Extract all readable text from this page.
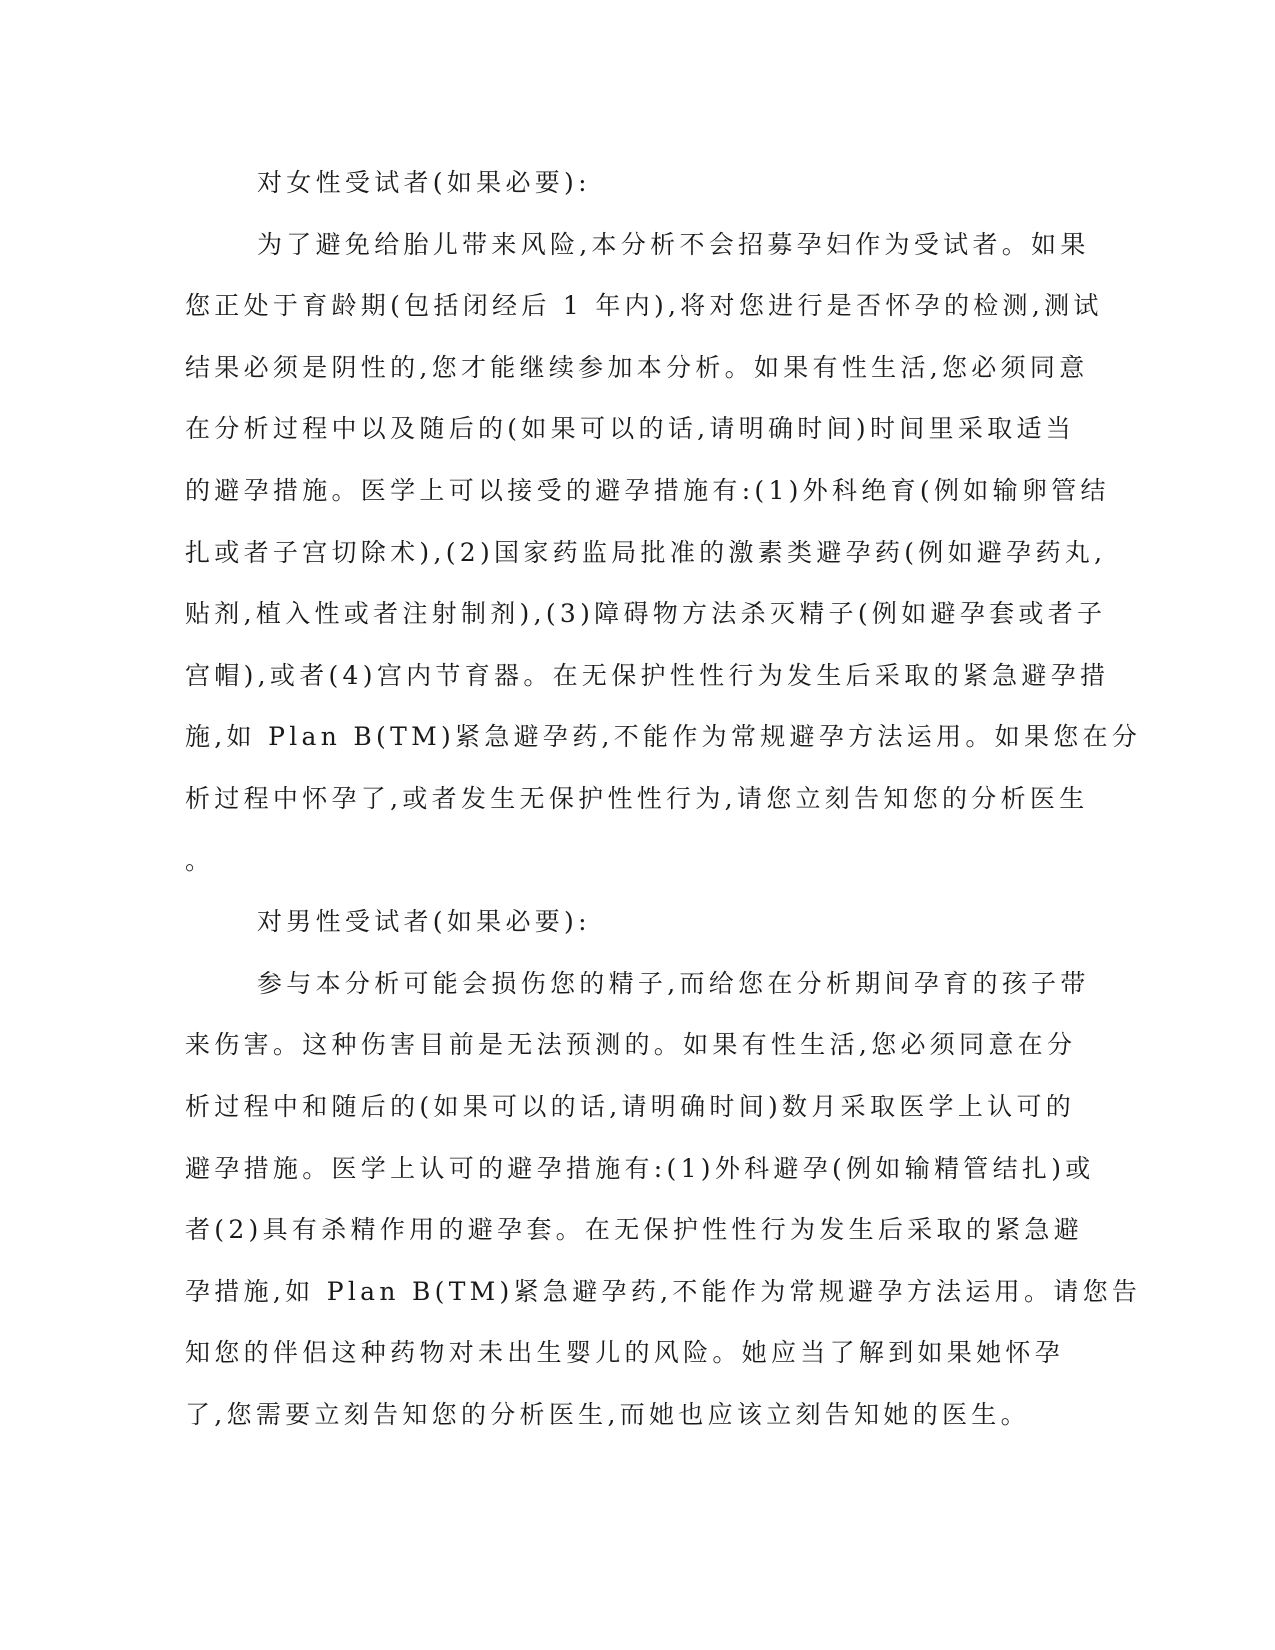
对女性受试者(如果必要):
为了避免给胎儿带来风险,本分析不会招募孕妇作为受试者。如果
您正处于育龄期(包括闭经后 1 年内),将对您进行是否怀孕的检测,测试
结果必须是阴性的,您才能继续参加本分析。如果有性生活,您必须同意
在分析过程中以及随后的(如果可以的话,请明确时间)时间里采取适当
的避孕措施。医学上可以接受的避孕措施有:(1)外科绝育(例如输卵管结
扎或者子宫切除术),(2)国家药监局批准的激素类避孕药(例如避孕药丸,
贴剂,植入性或者注射制剂),(3)障碍物方法杀灭精子(例如避孕套或者子
宫帽),或者(4)宫内节育器。在无保护性性行为发生后采取的紧急避孕措
施,如 Plan B(TM)紧急避孕药,不能作为常规避孕方法运用。如果您在分
析过程中怀孕了,或者发生无保护性性行为,请您立刻告知您的分析医生
。
对男性受试者(如果必要):
参与本分析可能会损伤您的精子,而给您在分析期间孕育的孩子带
来伤害。这种伤害目前是无法预测的。如果有性生活,您必须同意在分
析过程中和随后的(如果可以的话,请明确时间)数月采取医学上认可的
避孕措施。医学上认可的避孕措施有:(1)外科避孕(例如输精管结扎)或
者(2)具有杀精作用的避孕套。在无保护性性行为发生后采取的紧急避
孕措施,如 Plan B(TM)紧急避孕药,不能作为常规避孕方法运用。请您告
知您的伴侣这种药物对未出生婴儿的风险。她应当了解到如果她怀孕
了,您需要立刻告知您的分析医生,而她也应该立刻告知她的医生。
